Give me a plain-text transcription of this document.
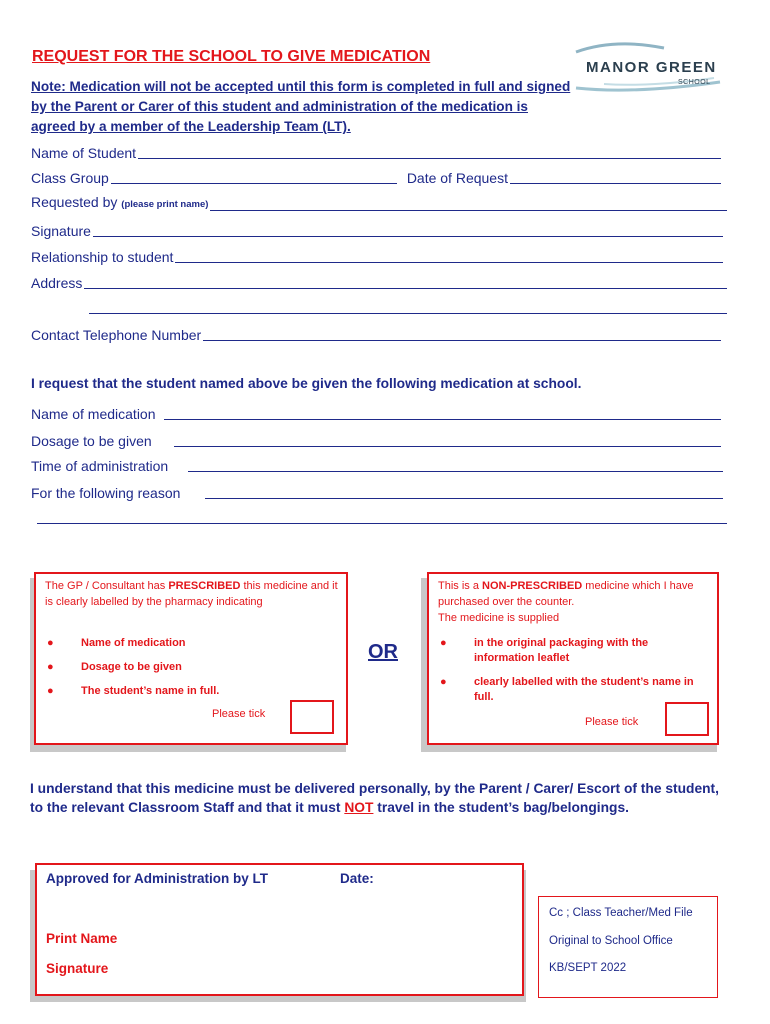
REQUEST FOR THE SCHOOL TO GIVE MEDICATION
MANOR GREEN
SCHOOL
Note: Medication will not be accepted until this form is completed in full and signed by the Parent or Carer of this student and administration of the medication is agreed by a member of the Leadership Team (LT).
Name of Student
Class Group	Date of Request
Requested by (please print name)
Signature
Relationship to student
Address
Contact Telephone Number
I request that the student named above be given the following medication at school.
Name of medication
Dosage to be given
Time of administration
For the following reason
The GP / Consultant has PRESCRIBED this medicine and it is clearly labelled by the pharmacy indicating
● Name of medication
● Dosage to be given
● The student’s name in full.
Please tick
OR
This is a NON-PRESCRIBED medicine which I have purchased over the counter.
The medicine is supplied
● in the original packaging with the information leaflet
● clearly labelled with the student’s name in full.
Please tick
I understand that this medicine must be delivered personally, by the Parent / Carer/ Escort of the student, to the relevant Classroom Staff and that it must NOT travel in the student’s bag/belongings.
Approved for Administration by LT	Date:
Print Name
Signature
Cc ; Class Teacher/Med File
Original to School Office
KB/SEPT 2022
